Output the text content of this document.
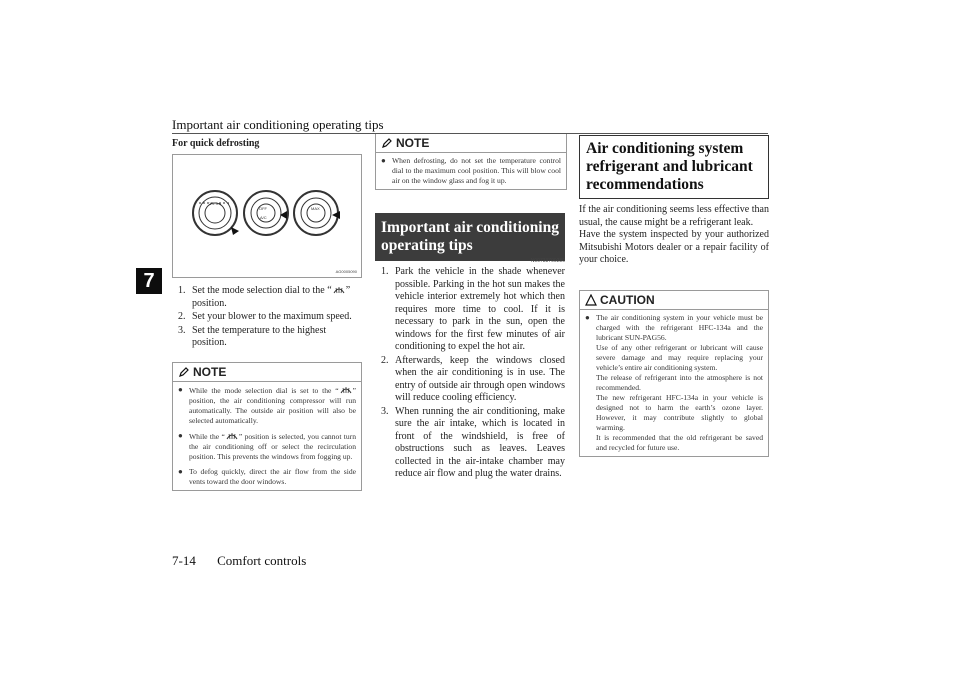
Important air conditioning operating tips
7
For quick defrosting
1 2 3 4
OFF
A/C
MAX
AG0005090
1. Set the mode selection dial to the “ ” position.
2. Set your blower to the maximum speed.
3. Set the temperature to the highest position.
NOTE
● While the mode selection dial is set to the “ ” position, the air conditioning compressor will run automatically. The outside air position will also be selected automatically.
● While the “ ” position is selected, you cannot turn the air conditioning off or select the recirculation position. This prevents the windows from fogging up.
● To defog quickly, direct the air flow from the side vents toward the door windows.
NOTE
● When defrosting, do not set the temperature control dial to the maximum cool position. This will blow cool air on the window glass and fog it up.
Important air conditioning operating tips
N00733700280
1. Park the vehicle in the shade whenever possible. Parking in the hot sun makes the vehicle interior extremely hot which then requires more time to cool. If it is necessary to park in the sun, open the windows for the first few minutes of air conditioning to expel the hot air.
2. Afterwards, keep the windows closed when the air conditioning is in use. The entry of outside air through open windows will reduce cooling efficiency.
3. When running the air conditioning, make sure the air intake, which is located in front of the windshield, is free of obstructions such as leaves. Leaves collected in the air-intake chamber may reduce air flow and plug the water drains.
Air conditioning system refrigerant and lubricant recommendations
If the air conditioning seems less effective than usual, the cause might be a refrigerant leak.
Have the system inspected by your authorized Mitsubishi Motors dealer or a repair facility of your choice.
CAUTION
● The air conditioning system in your vehicle must be charged with the refrigerant HFC-134a and the lubricant SUN-PAG56.
Use of any other refrigerant or lubricant will cause severe damage and may require replacing your vehicle’s entire air conditioning system.
The release of refrigerant into the atmosphere is not recommended.
The new refrigerant HFC-134a in your vehicle is designed not to harm the earth’s ozone layer. However, it may contribute slightly to global warming.
It is recommended that the old refrigerant be saved and recycled for future use.
7-14 Comfort controls
